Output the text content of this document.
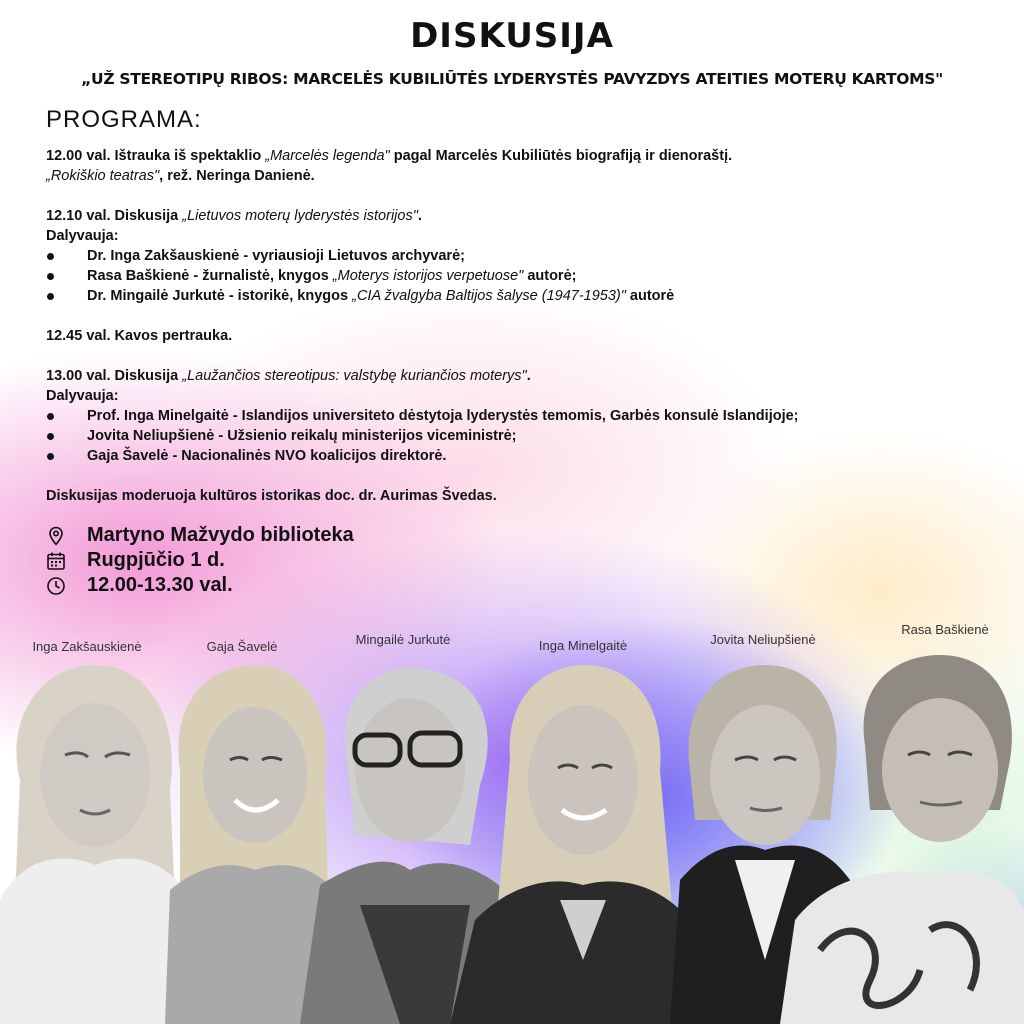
DISKUSIJA
„UŽ STEREOTIPŲ RIBOS: MARCELĖS KUBILIŪTĖS LYDERYSTĖS PAVYZDYS ATEITIES MOTERŲ KARTOMS"
PROGRAMA:
12.00 val. Ištrauka iš spektaklio „Marcelės legenda" pagal Marcelės Kubiliūtės biografiją ir dienoraštį.
„Rokiškio teatras", rež. Neringa Danienė.
12.10 val. Diskusija „Lietuvos moterų lyderystės istorijos".
Dalyvauja:
Dr. Inga Zakšauskienė - vyriausioji Lietuvos archyvarė;
Rasa Baškienė - žurnalistė, knygos „Moterys istorijos verpetuose" autorė;
Dr. Mingailė Jurkutė - istorikė, knygos „CIA žvalgyba Baltijos šalyse (1947-1953)" autorė
12.45 val. Kavos pertrauka.
13.00 val. Diskusija „Laužančios stereotipus: valstybę kuriančios moterys".
Dalyvauja:
Prof. Inga Minelgaitė - Islandijos universiteto dėstytoja lyderystės temomis, Garbės konsulė Islandijoje;
Jovita Neliupšienė - Užsienio reikalų ministerijos viceministrė;
Gaja Šavelė - Nacionalinės NVO koalicijos direktorė.
Diskusijas moderuoja kultūros istorikas doc. dr. Aurimas Švedas.
Martyno Mažvydo biblioteka
Rugpjūčio 1 d.
12.00-13.30 val.
Inga Zakšauskienė	Gaja Šavelė	Mingailė Jurkutė	Inga Minelgaitė	Jovita Neliupšienė
Rasa Baškienė
